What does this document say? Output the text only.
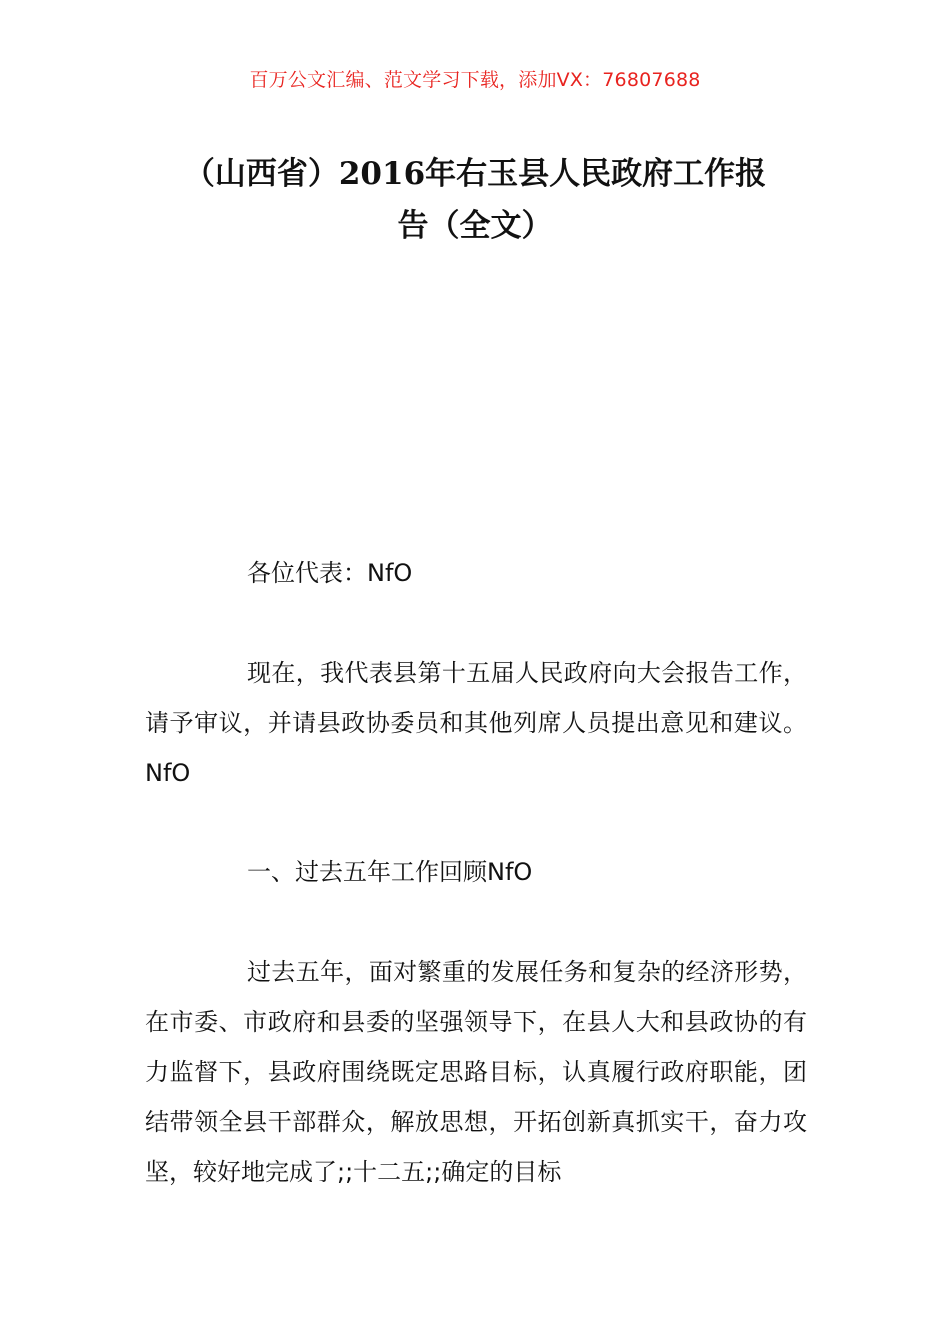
百万公文汇编、范文学习下载，添加VX：76807688
（山西省）2016年右玉县人民政府工作报
告（全文）

各位代表：NfO

现在，我代表县第十五届人民政府向大会报告工作，请予审议，并请县政协委员和其他列席人员提出意见和建议。NfO

一、过去五年工作回顾NfO

过去五年，面对繁重的发展任务和复杂的经济形势，在市委、市政府和县委的坚强领导下，在县人大和县政协的有力监督下，县政府围绕既定思路目标，认真履行政府职能，团结带领全县干部群众，解放思想，开拓创新真抓实干，奋力攻坚，较好地完成了;;十二五;;确定的目标
